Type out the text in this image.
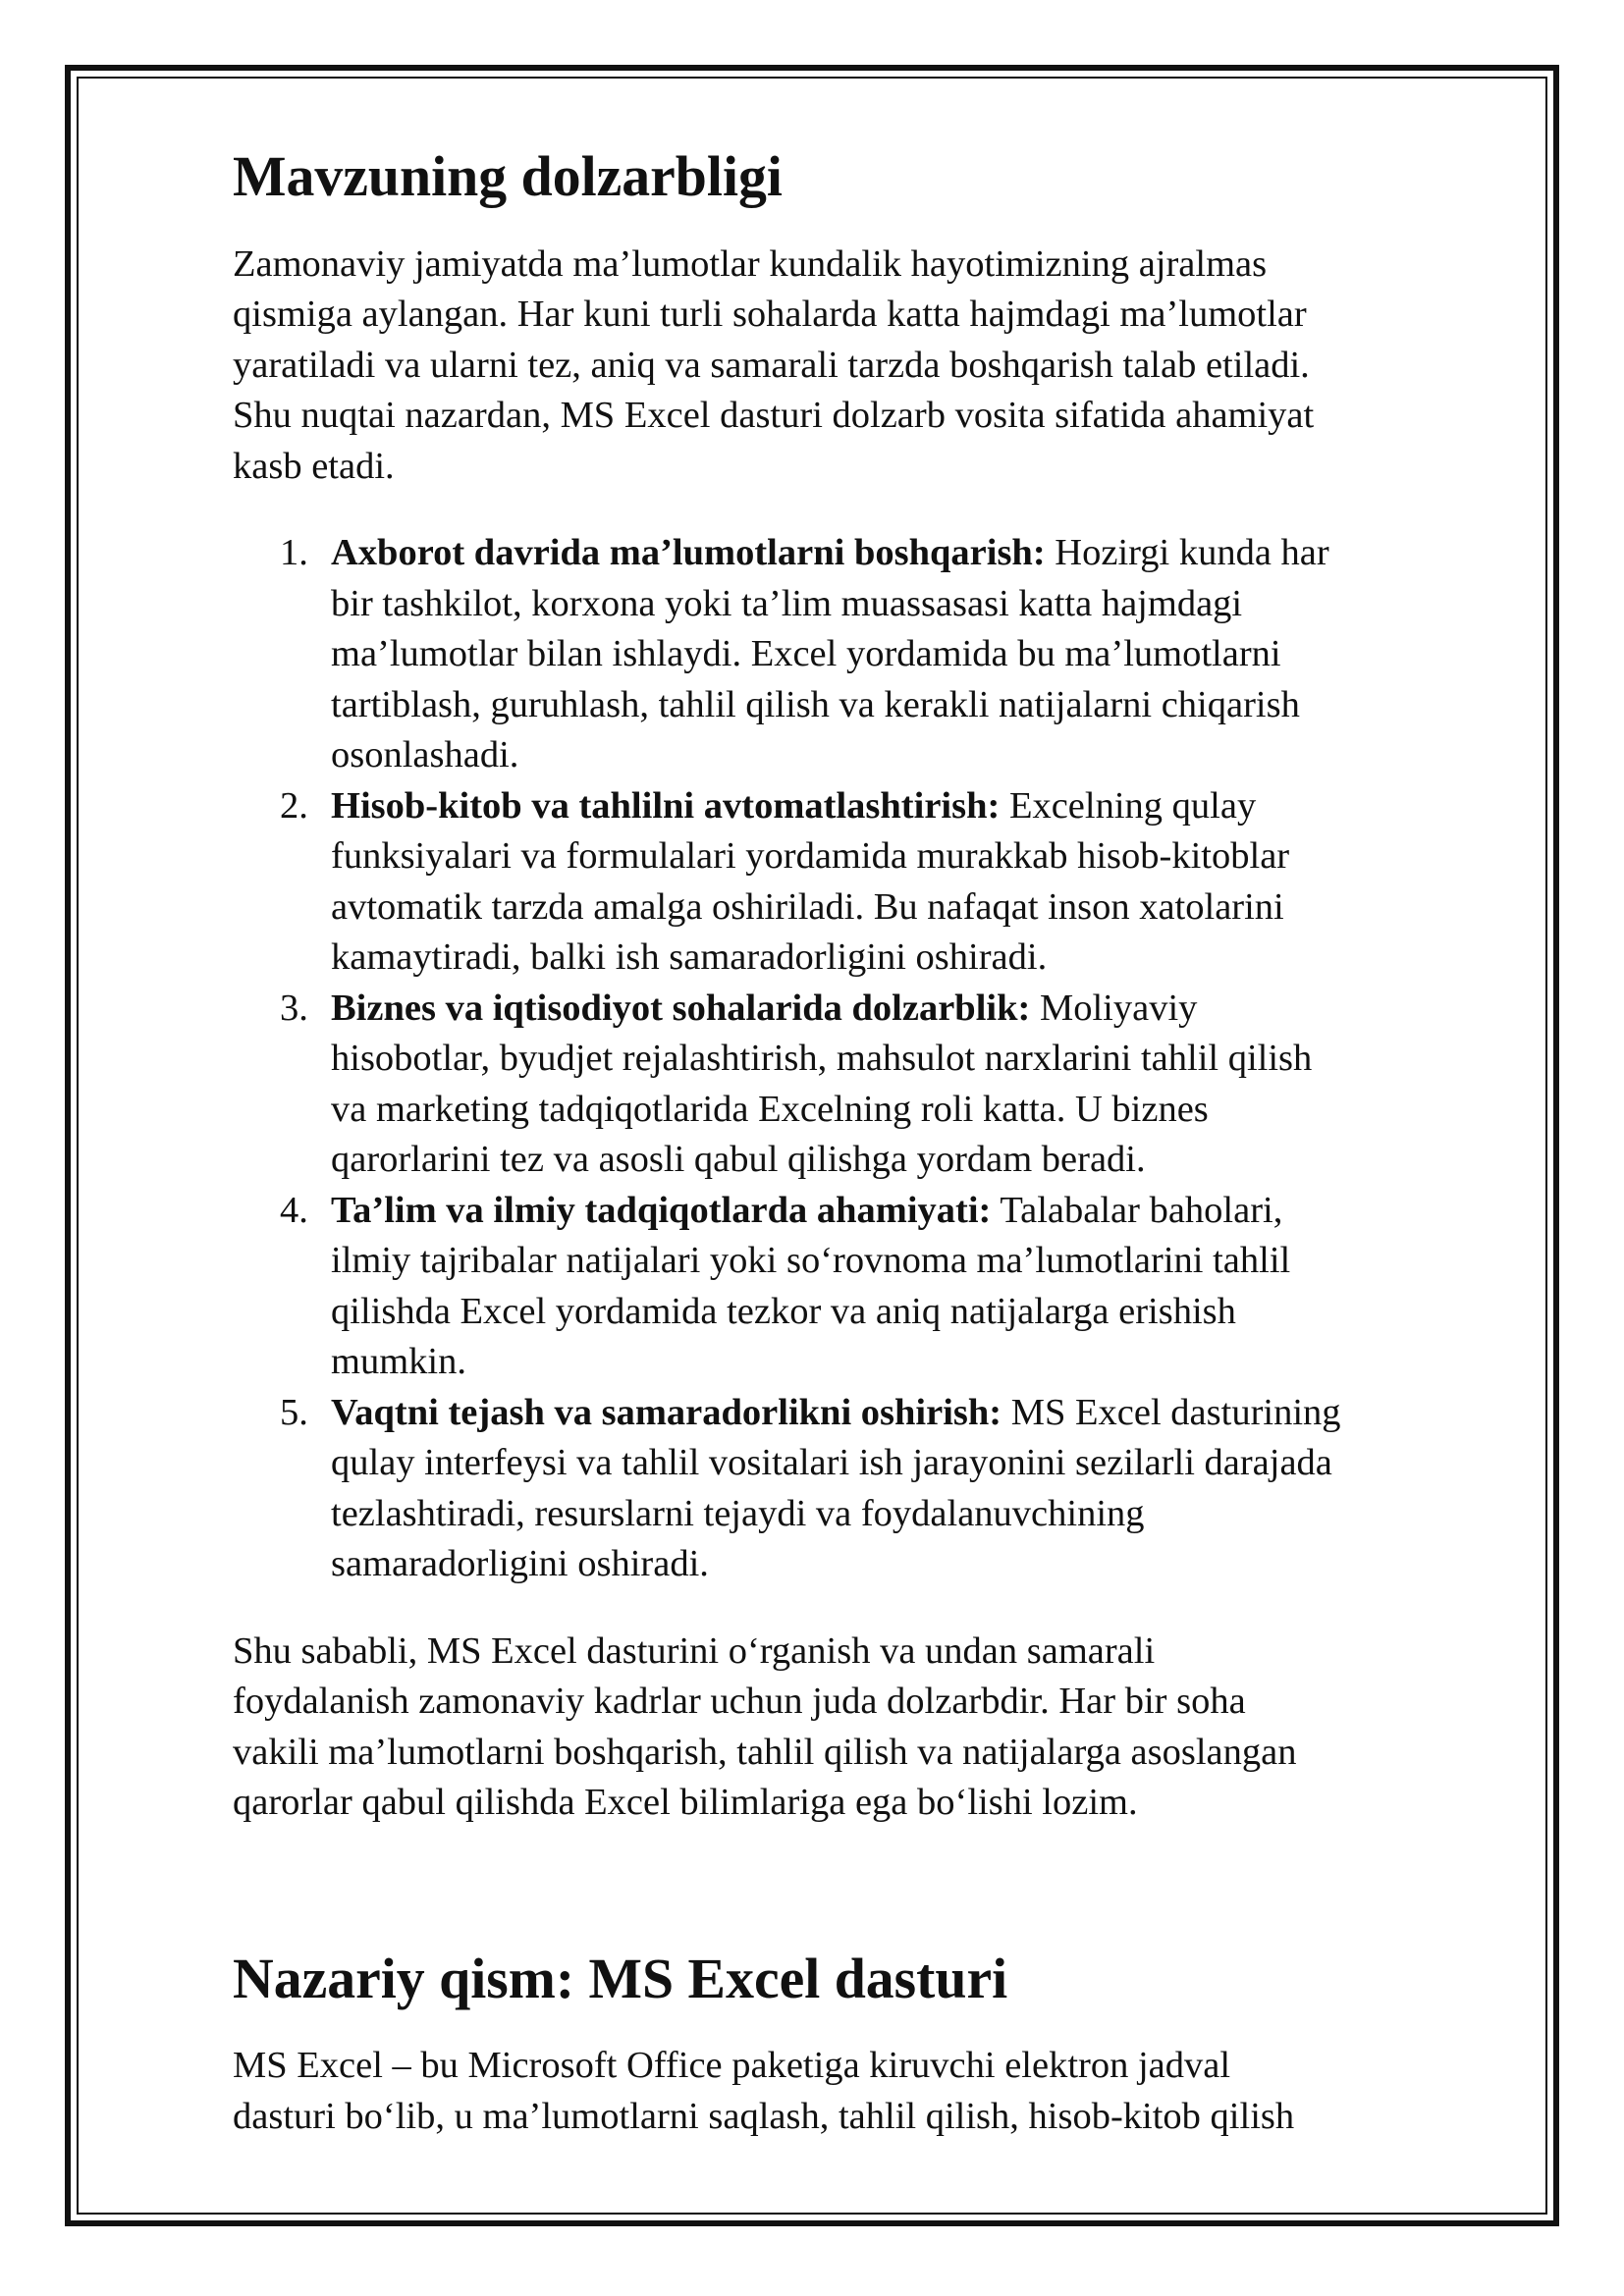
Mavzuning dolzarbligi

Zamonaviy jamiyatda ma’lumotlar kundalik hayotimizning ajralmas
qismiga aylangan. Har kuni turli sohalarda katta hajmdagi ma’lumotlar
yaratiladi va ularni tez, aniq va samarali tarzda boshqarish talab etiladi.
Shu nuqtai nazardan, MS Excel dasturi dolzarb vosita sifatida ahamiyat
kasb etadi.

1. Axborot davrida ma’lumotlarni boshqarish: Hozirgi kunda har
bir tashkilot, korxona yoki ta’lim muassasasi katta hajmdagi
ma’lumotlar bilan ishlaydi. Excel yordamida bu ma’lumotlarni
tartiblash, guruhlash, tahlil qilish va kerakli natijalarni chiqarish
osonlashadi.
2. Hisob-kitob va tahlilni avtomatlashtirish: Excelning qulay
funksiyalari va formulalari yordamida murakkab hisob-kitoblar
avtomatik tarzda amalga oshiriladi. Bu nafaqat inson xatolarini
kamaytiradi, balki ish samaradorligini oshiradi.
3. Biznes va iqtisodiyot sohalarida dolzarblik: Moliyaviy
hisobotlar, byudjet rejalashtirish, mahsulot narxlarini tahlil qilish
va marketing tadqiqotlarida Excelning roli katta. U biznes
qarorlarini tez va asosli qabul qilishga yordam beradi.
4. Ta’lim va ilmiy tadqiqotlarda ahamiyati: Talabalar baholari,
ilmiy tajribalar natijalari yoki so‘rovnoma ma’lumotlarini tahlil
qilishda Excel yordamida tezkor va aniq natijalarga erishish
mumkin.
5. Vaqtni tejash va samaradorlikni oshirish: MS Excel dasturining
qulay interfeysi va tahlil vositalari ish jarayonini sezilarli darajada
tezlashtiradi, resurslarni tejaydi va foydalanuvchining
samaradorligini oshiradi.

Shu sababli, MS Excel dasturini o‘rganish va undan samarali
foydalanish zamonaviy kadrlar uchun juda dolzarbdir. Har bir soha
vakili ma’lumotlarni boshqarish, tahlil qilish va natijalarga asoslangan
qarorlar qabul qilishda Excel bilimlariga ega bo‘lishi lozim.

Nazariy qism: MS Excel dasturi

MS Excel – bu Microsoft Office paketiga kiruvchi elektron jadval
dasturi bo‘lib, u ma’lumotlarni saqlash, tahlil qilish, hisob-kitob qilish
